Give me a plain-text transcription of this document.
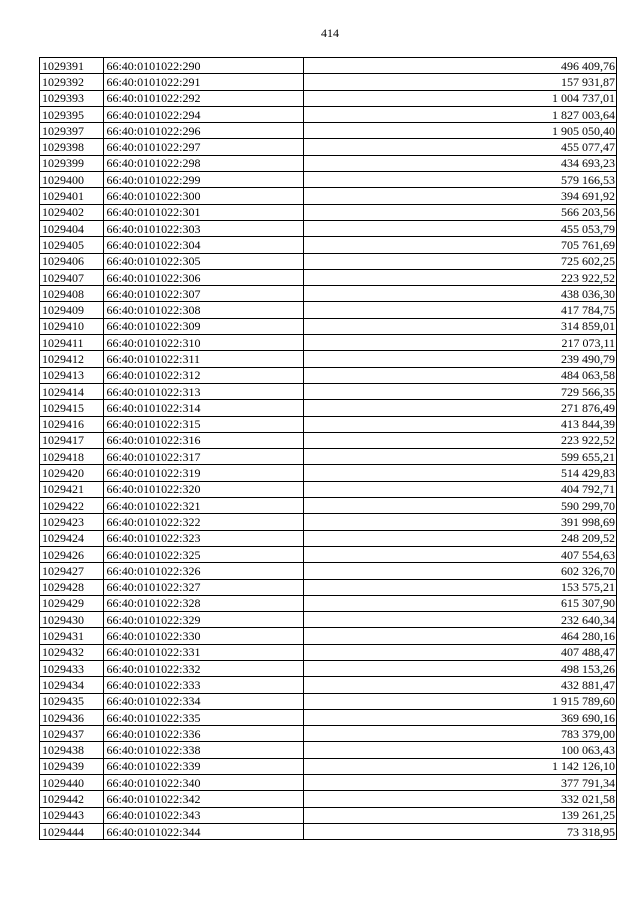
414
1029391	66:40:0101022:290	496 409,76
1029392	66:40:0101022:291	157 931,87
1029393	66:40:0101022:292	1 004 737,01
1029395	66:40:0101022:294	1 827 003,64
1029397	66:40:0101022:296	1 905 050,40
1029398	66:40:0101022:297	455 077,47
1029399	66:40:0101022:298	434 693,23
1029400	66:40:0101022:299	579 166,53
1029401	66:40:0101022:300	394 691,92
1029402	66:40:0101022:301	566 203,56
1029404	66:40:0101022:303	455 053,79
1029405	66:40:0101022:304	705 761,69
1029406	66:40:0101022:305	725 602,25
1029407	66:40:0101022:306	223 922,52
1029408	66:40:0101022:307	438 036,30
1029409	66:40:0101022:308	417 784,75
1029410	66:40:0101022:309	314 859,01
1029411	66:40:0101022:310	217 073,11
1029412	66:40:0101022:311	239 490,79
1029413	66:40:0101022:312	484 063,58
1029414	66:40:0101022:313	729 566,35
1029415	66:40:0101022:314	271 876,49
1029416	66:40:0101022:315	413 844,39
1029417	66:40:0101022:316	223 922,52
1029418	66:40:0101022:317	599 655,21
1029420	66:40:0101022:319	514 429,83
1029421	66:40:0101022:320	404 792,71
1029422	66:40:0101022:321	590 299,70
1029423	66:40:0101022:322	391 998,69
1029424	66:40:0101022:323	248 209,52
1029426	66:40:0101022:325	407 554,63
1029427	66:40:0101022:326	602 326,70
1029428	66:40:0101022:327	153 575,21
1029429	66:40:0101022:328	615 307,90
1029430	66:40:0101022:329	232 640,34
1029431	66:40:0101022:330	464 280,16
1029432	66:40:0101022:331	407 488,47
1029433	66:40:0101022:332	498 153,26
1029434	66:40:0101022:333	432 881,47
1029435	66:40:0101022:334	1 915 789,60
1029436	66:40:0101022:335	369 690,16
1029437	66:40:0101022:336	783 379,00
1029438	66:40:0101022:338	100 063,43
1029439	66:40:0101022:339	1 142 126,10
1029440	66:40:0101022:340	377 791,34
1029442	66:40:0101022:342	332 021,58
1029443	66:40:0101022:343	139 261,25
1029444	66:40:0101022:344	73 318,95
